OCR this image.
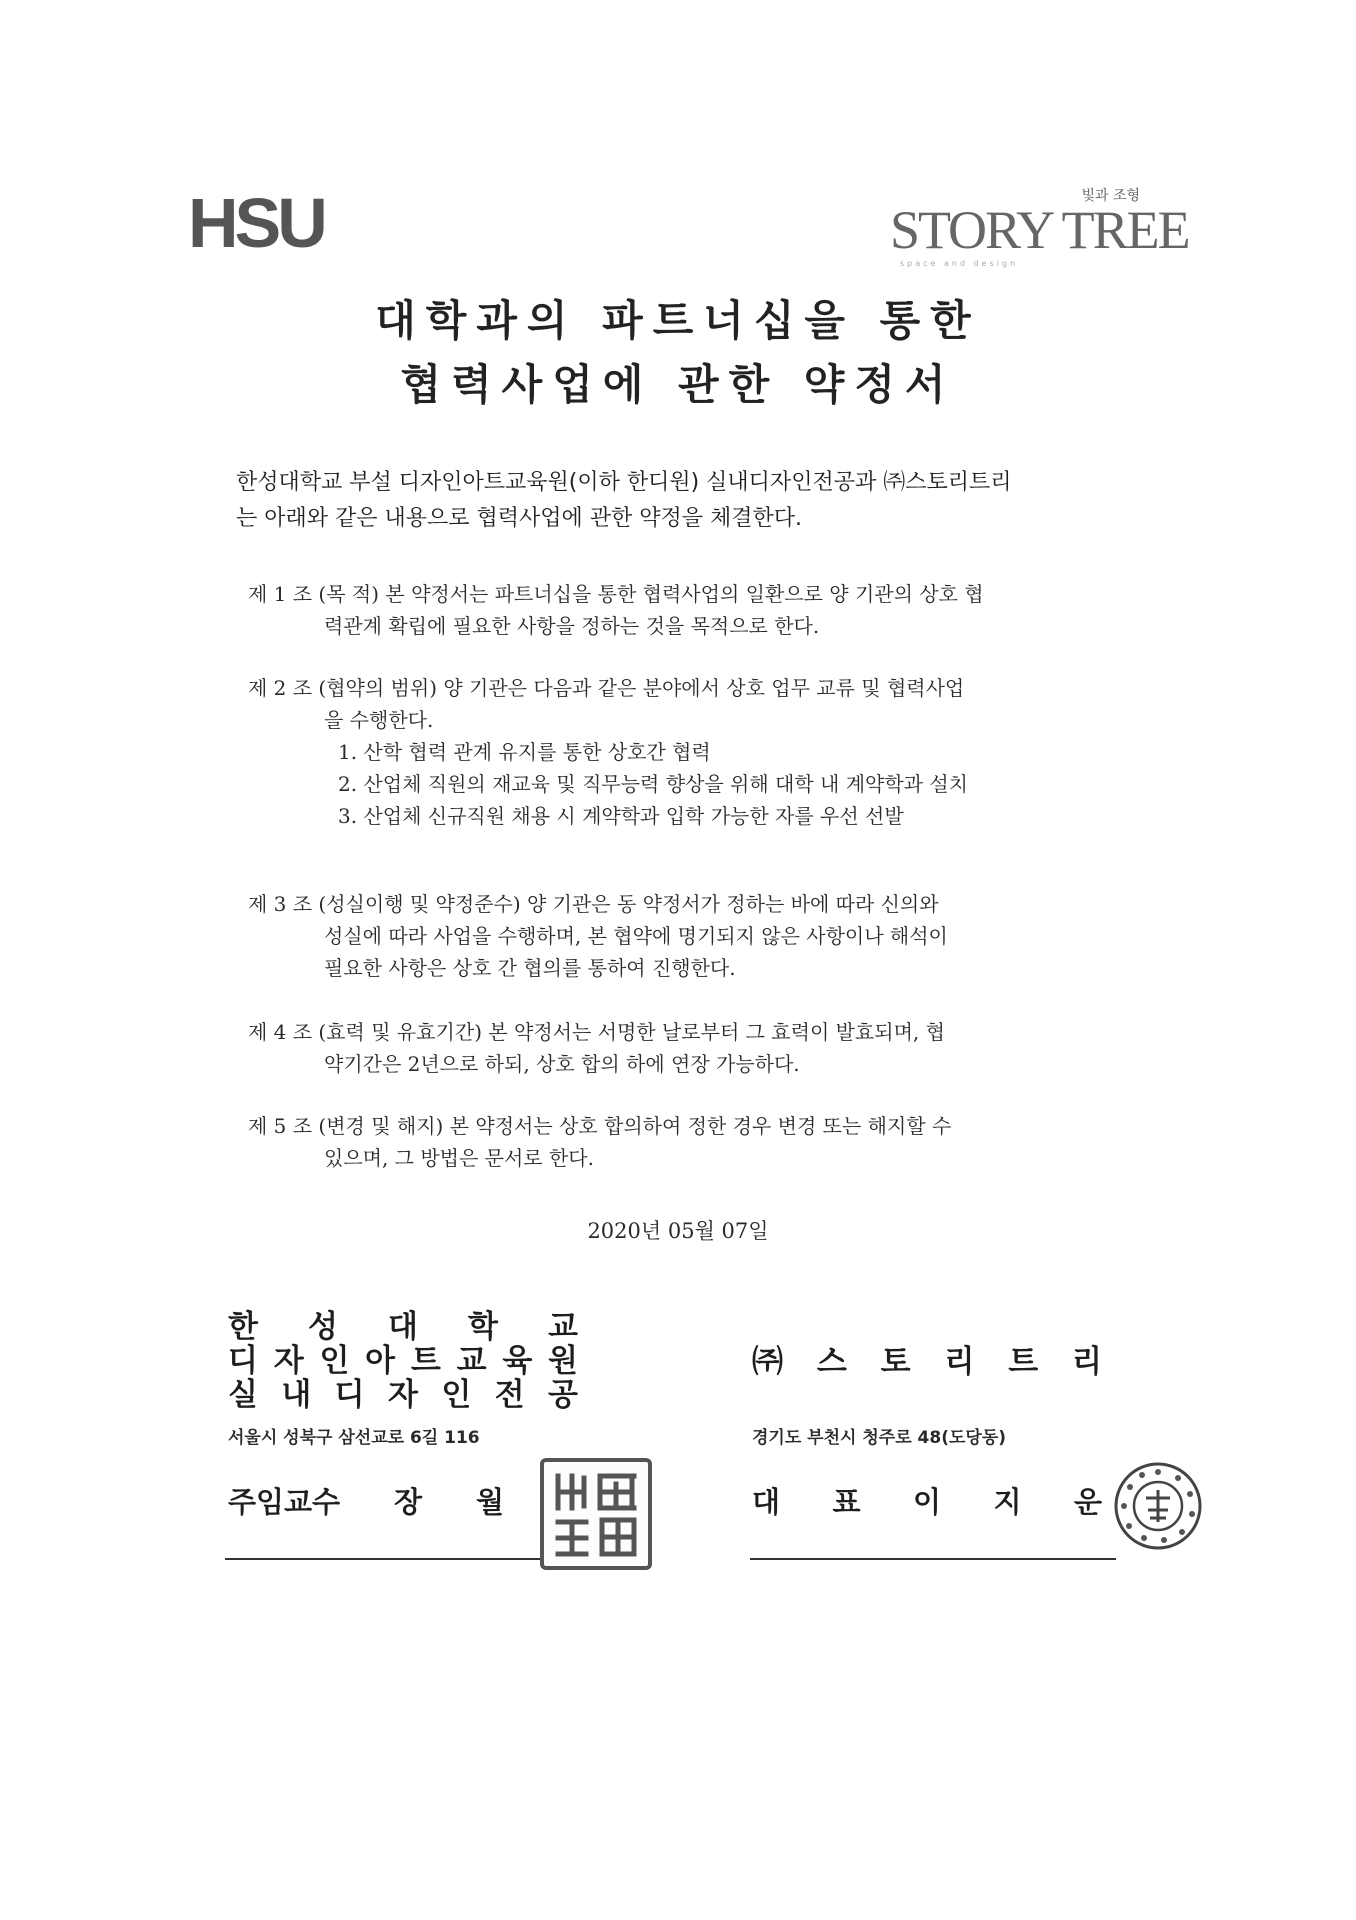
HSU	빛과 조형
STORY TREE
space and design
대학과의 파트너십을 통한
협력사업에 관한 약정서
한성대학교 부설 디자인아트교육원(이하 한디원) 실내디자인전공과 ㈜스토리트리
는 아래와 같은 내용으로 협력사업에 관한 약정을 체결한다.
제 1 조 (목 적) 본 약정서는 파트너십을 통한 협력사업의 일환으로 양 기관의 상호 협
력관계 확립에 필요한 사항을 정하는 것을 목적으로 한다.
제 2 조 (협약의 범위) 양 기관은 다음과 같은 분야에서 상호 업무 교류 및 협력사업
을 수행한다.
1. 산학 협력 관계 유지를 통한 상호간 협력
2. 산업체 직원의 재교육 및 직무능력 향상을 위해 대학 내 계약학과 설치
3. 산업체 신규직원 채용 시 계약학과 입학 가능한 자를 우선 선발
제 3 조 (성실이행 및 약정준수) 양 기관은 동 약정서가 정하는 바에 따라 신의와
성실에 따라 사업을 수행하며, 본 협약에 명기되지 않은 사항이나 해석이
필요한 사항은 상호 간 협의를 통하여 진행한다.
제 4 조 (효력 및 유효기간) 본 약정서는 서명한 날로부터 그 효력이 발효되며, 협
약기간은 2년으로 하되, 상호 합의 하에 연장 가능하다.
제 5 조 (변경 및 해지) 본 약정서는 상호 합의하여 정한 경우 변경 또는 해지할 수
있으며, 그 방법은 문서로 한다.
2020년 05월 07일
한 성 대 학 교
디 자 인 아 트 교 육 원
실 내 디 자 인 전 공
서울시 성북구 삼선교로 6길 116
주임교수 장 월
㈜ 스 토 리 트 리
경기도 부천시 청주로 48(도당동)
대 표 이 지 운
